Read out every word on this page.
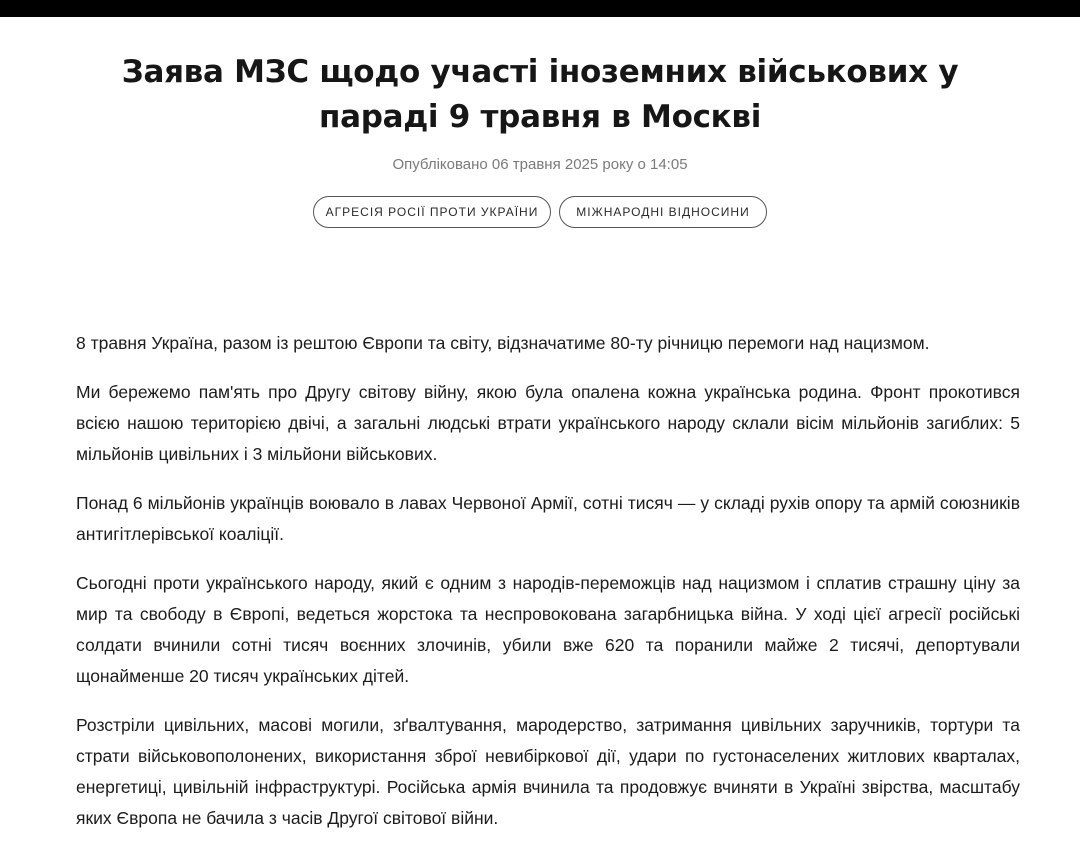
Заява МЗС щодо участі іноземних військових у параді 9 травня в Москві
Опубліковано 06 травня 2025 року о 14:05
АГРЕСІЯ РОСІЇ ПРОТИ УКРАЇНИ	МІЖНАРОДНІ ВІДНОСИНИ

8 травня Україна, разом із рештою Європи та світу, відзначатиме 80-ту річницю перемоги над нацизмом.

Ми бережемо пам'ять про Другу світову війну, якою була опалена кожна українська родина. Фронт прокотився всією нашою територією двічі, а загальні людські втрати українського народу склали вісім мільйонів загиблих: 5 мільйонів цивільних і 3 мільйони військових.

Понад 6 мільйонів українців воювало в лавах Червоної Армії, сотні тисяч — у складі рухів опору та армій союзників антигітлерівської коаліції.

Сьогодні проти українського народу, який є одним з народів-переможців над нацизмом і сплатив страшну ціну за мир та свободу в Європі, ведеться жорстока та неспровокована загарбницька війна. У ході цієї агресії російські солдати вчинили сотні тисяч воєнних злочинів, убили вже 620 та поранили майже 2 тисячі, депортували щонайменше 20 тисяч українських дітей.

Розстріли цивільних, масові могили, зґвалтування, мародерство, затримання цивільних заручників, тортури та страти військовополонених, використання зброї невибіркової дії, удари по густонаселених житлових кварталах, енергетиці, цивільній інфраструктурі. Російська армія вчинила та продовжує вчиняти в Україні звірства, масштабу яких Європа не бачила з часів Другої світової війни.
